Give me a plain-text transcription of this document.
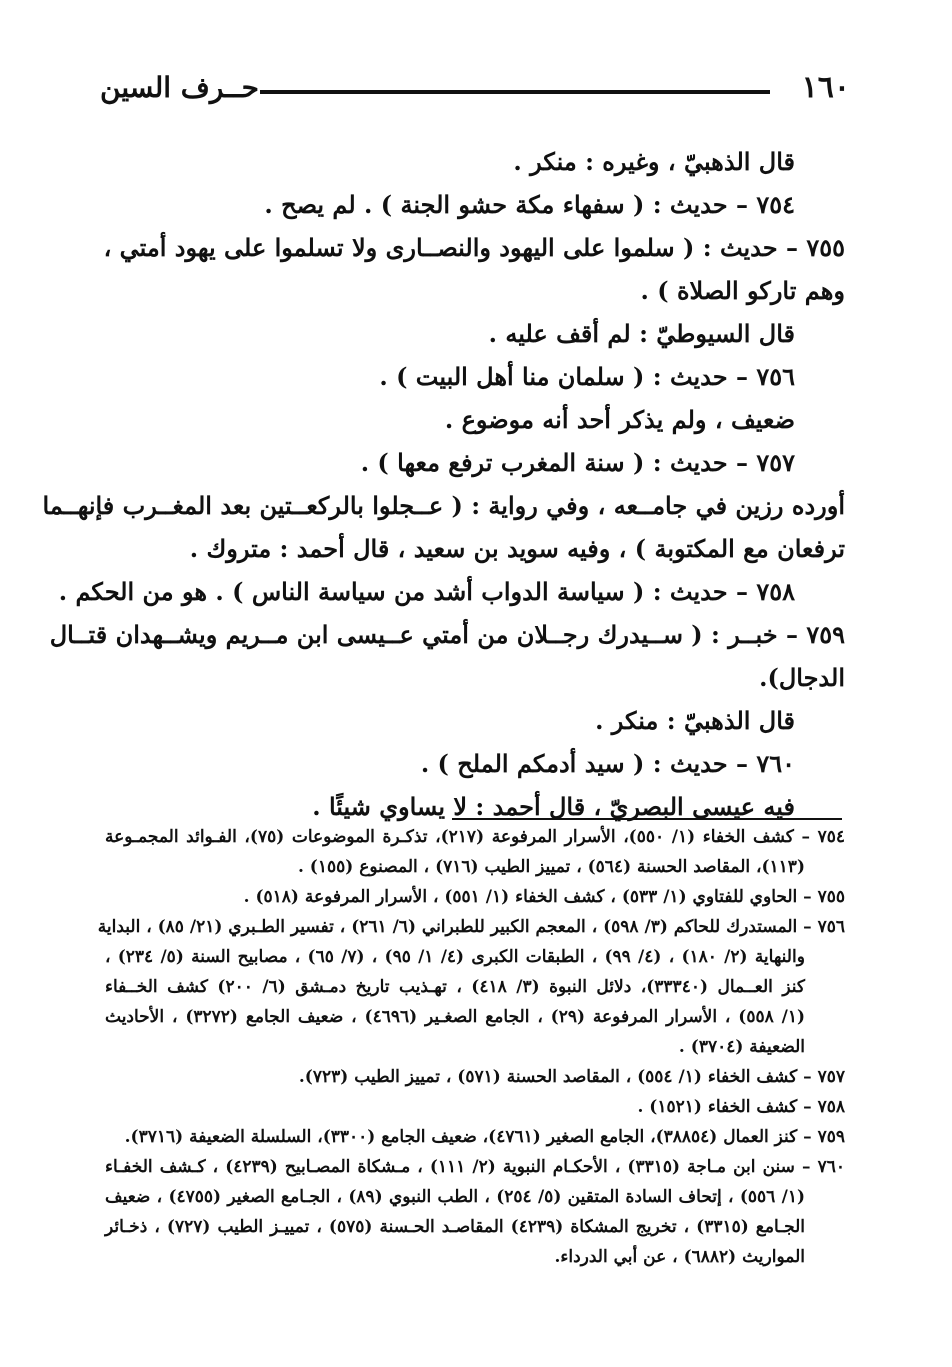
١٦٠
حــرف السين
قال الذهبيّ ، وغيره : منكر .
٧٥٤ – حديث : ( سفهاء مكة حشو الجنة ) . لم يصح .
٧٥٥ – حديث : ( سلموا على اليهود والنصــارى ولا تسلموا على يهود أمتي ،
وهم تاركو الصلاة ) .
قال السيوطيّ : لم أقف عليه .
٧٥٦ – حديث : ( سلمان منا أهل البيت ) .
ضعيف ، ولم يذكر أحد أنه موضوع .
٧٥٧ – حديث : ( سنة المغرب ترفع معها ) .
أورده رزين في جامــعه ، وفي رواية : ( عــجلوا بالركعــتين بعد المغــرب فإنهــما
ترفعان مع المكتوبة ) ، وفيه سويد بن سعيد ، قال أحمد : متروك .
٧٥٨ – حديث : ( سياسة الدواب أشد من سياسة الناس ) . هو من الحكم .
٧٥٩ – خبــر : ( ســيدرك رجــلان من أمتي عــيسى ابن مــريم ويشــهدان قتــال
الدجال).
قال الذهبيّ : منكر .
٧٦٠ – حديث : ( سيد أدمكم الملح ) .
فيه عيسى البصريّ ، قال أحمد : لا يساوي شيئًا .
٧٥٤ – كشف الخفاء (١/ ٥٥٠)، الأسرار المرفوعة (٢١٧)، تذكـرة الموضوعات (٧٥)، الفـوائد المجمـوعة
(١١٣)، المقاصد الحسنة (٥٦٤) ، تمييز الطيب (٧١٦) ، المصنوع (١٥٥) .
٧٥٥ – الحاوي للفتاوي (١/ ٥٣٣) ، كشف الخفاء (١/ ٥٥١) ، الأسرار المرفوعة (٥١٨) .
٧٥٦ – المستدرك للحاكم (٣/ ٥٩٨) ، المعجم الكبير للطبراني (٦/ ٢٦١) ، تفسير الطـبري (٢١/ ٨٥) ، البداية
والنهاية (٢/ ١٨٠) ، (٤/ ٩٩) ، الطبقات الكبرى (٤/ ١/ ٩٥) ، (٧/ ٦٥) ، مصابيح السنة (٥/ ٢٣٤) ،
كنز العــمال (٣٣٣٤٠)، دلائل النبوة (٣/ ٤١٨) ، تهـذيب تاريخ دمـشق (٦/ ٢٠٠) كشف الخــفاء
(١/ ٥٥٨) ، الأسرار المرفوعة (٢٩) ، الجامع الصغـير (٤٦٩٦) ، ضعيف الجامع (٣٢٧٢) ، الأحاديث
الضعيفة (٣٧٠٤) .
٧٥٧ – كشف الخفاء (١/ ٥٥٤) ، المقاصد الحسنة (٥٧١) ، تمييز الطيب (٧٢٣).
٧٥٨ – كشف الخفاء (١٥٢١) .
٧٥٩ – كنز العمال (٣٨٨٥٤)، الجامع الصغير (٤٧٦١)، ضعيف الجامع (٣٣٠٠)، السلسلة الضعيفة (٣٧١٦).
٧٦٠ – سنن ابن مـاجة (٣٣١٥) ، الأحكـام النبوية (٢/ ١١١) ، مـشكاة المصـابيح (٤٢٣٩) ، كـشف الخفـاء
(١/ ٥٥٦) ، إتحاف السادة المتقين (٥/ ٢٥٤) ، الطب النبوي (٨٩) ، الجـامع الصغير (٤٧٥٥) ، ضعيف
الجـامع (٣٣١٥) ، تخريج المشكاة (٤٢٣٩) المقاصـد الحـسنة (٥٧٥) ، تمييـز الطيب (٧٢٧) ، ذخـائر
المواريث (٦٨٨٢) ، عن أبي الدرداء.
